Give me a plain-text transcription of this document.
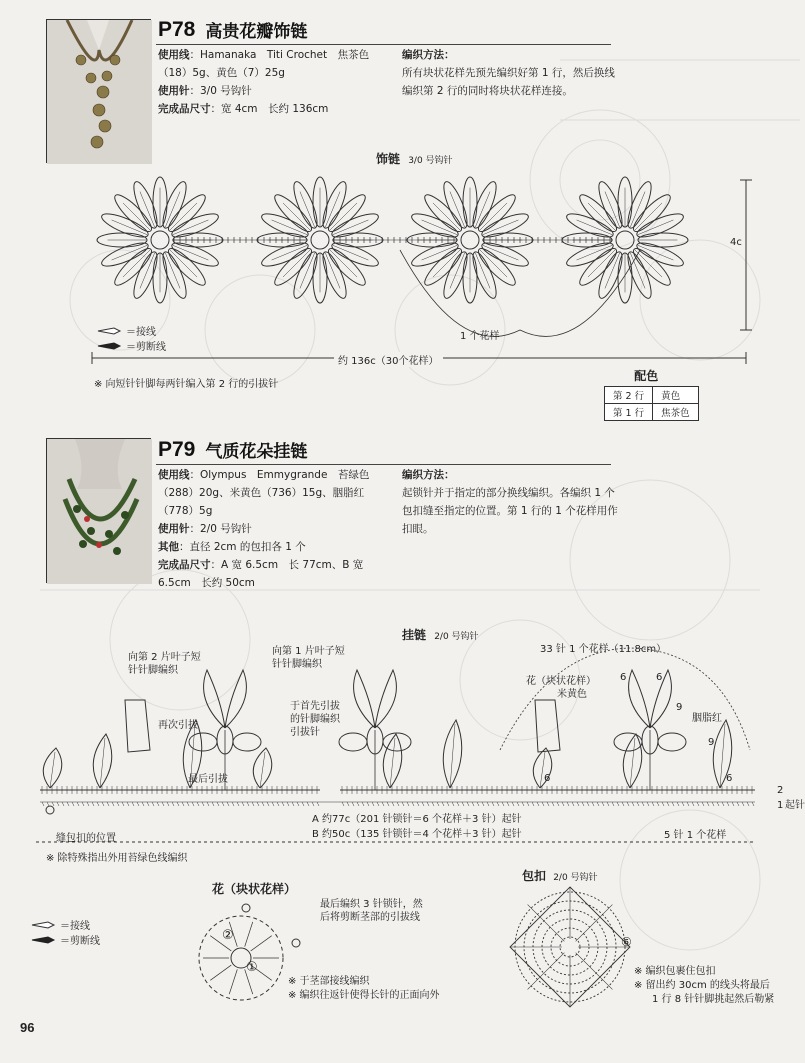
P78 高贵花瓣饰链
使用线：Hamanaka　Titi Crochet　焦茶色
（18）5g、黄色（7）25g
使用针：3/0 号钩针
完成品尺寸：宽 4cm　长约 136cm
编织方法：
所有块状花样先预先编织好第 1 行，然后换线
编织第 2 行的同时将块状花样连接。
饰链 3/0 号钩针
4c
1 个花样
＝接线
＝剪断线
约 136c（30个花样）
※ 向短针针脚每两针编入第 2 行的引拔针
配色
第 2 行	黄色
第 1 行	焦茶色
P79 气质花朵挂链
使用线：Olympus　Emmygrande　苔绿色
（288）20g、米黄色（736）15g、胭脂红
（778）5g
使用针：2/0 号钩针
其他：直径 2cm 的包扣各 1 个
完成品尺寸：A 宽 6.5cm　长 77cm、B 宽
6.5cm　长约 50cm
编织方法：
起锁针并于指定的部分换线编织。各编织 1 个
包扣缝至指定的位置。第 1 行的 1 个花样用作
扣眼。
挂链 2/0 号钩针
向第 2 片叶子短
针针脚编织
向第 1 片叶子短
针针脚编织
33 针 1 个花样（11.8cm）
花（块状花样）
米黄色
胭脂红
再次引拔
于首先引拔
的针脚编织
引拔针
最后引拔
缝包扣的位置
起针
2
1
5 针 1 个花样
6	6
9
9
6	6
A 约77c（201 针锁针＝6 个花样＋3 针）起针
B 约50c（135 针锁针＝4 个花样＋3 针）起针
※ 除特殊指出外用苔绿色线编织
花（块状花样）
最后编织 3 针锁针，然
后将剪断茎部的引拔线
②
①
※ 于茎部接线编织
※ 编织往返针使得长针的正面向外
＝接线
＝剪断线
包扣 2/0 号钩针
⑥
※ 编织包裹住包扣
※ 留出约 30cm 的线头将最后
1 行 8 针针脚挑起然后勒紧
96
